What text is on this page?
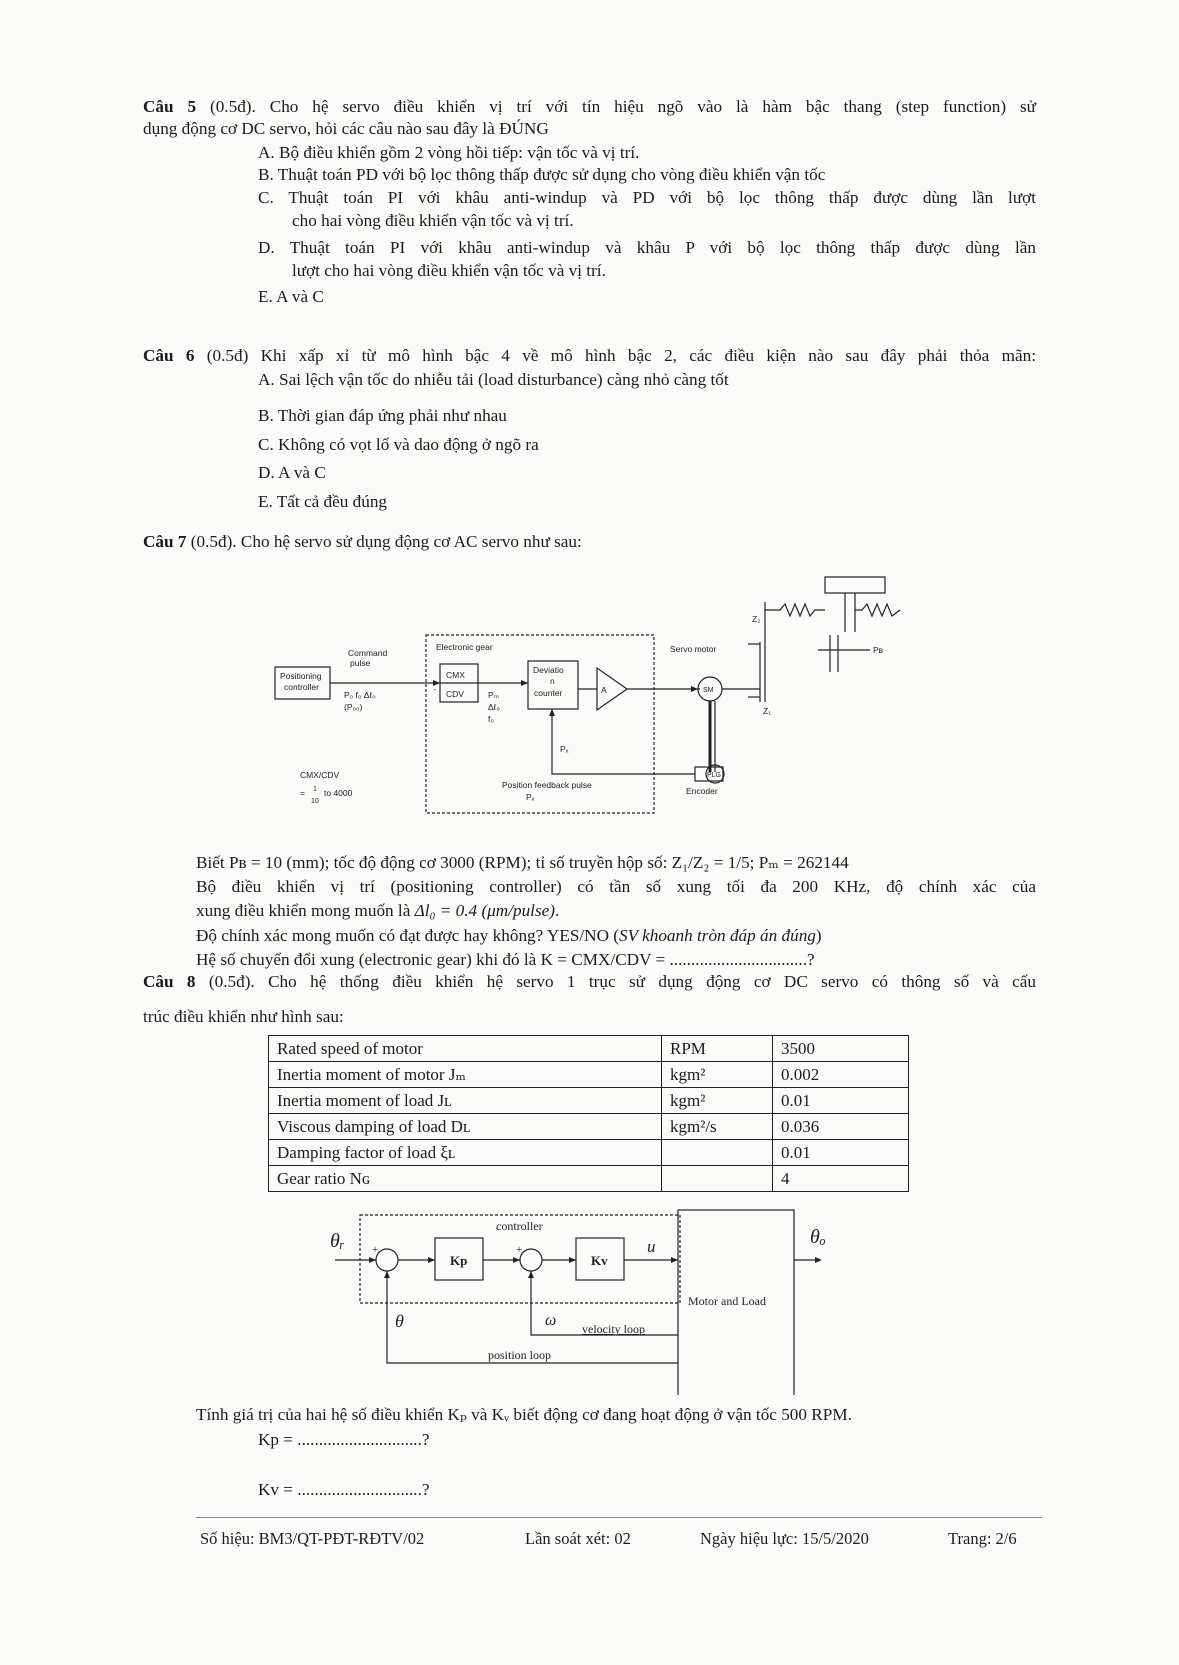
Câu 5 (0.5đ). Cho hệ servo điều khiển vị trí với tín hiệu ngõ vào là hàm bậc thang (step function) sử
dụng động cơ DC servo, hỏi các câu nào sau đây là ĐÚNG
A. Bộ điều khiển gồm 2 vòng hồi tiếp: vận tốc và vị trí.
B. Thuật toán PD với bộ lọc thông thấp được sử dụng cho vòng điều khiển vận tốc
C. Thuật toán PI với khâu anti-windup và PD với bộ lọc thông thấp được dùng lần lượt
cho hai vòng điều khiển vận tốc và vị trí.
D. Thuật toán PI với khâu anti-windup và khâu P với bộ lọc thông thấp được dùng lần
lượt cho hai vòng điều khiển vận tốc và vị trí.
E. A và C
Câu 6 (0.5đ) Khi xấp xỉ từ mô hình bậc 4 về mô hình bậc 2, các điều kiện nào sau đây phải thỏa mãn:
A. Sai lệch vận tốc do nhiễu tải (load disturbance) càng nhỏ càng tốt
B. Thời gian đáp ứng phải như nhau
C. Không có vọt lố và dao động ở ngõ ra
D. A và C
E. Tất cả đều đúng
Câu 7 (0.5đ). Cho hệ servo sử dụng động cơ AC servo như sau:
Positioning
controller
Command
pulse
P₀ f₀ Δℓ₀
(P₀₀)
Electronic gear
CMX
CDV	Pₘ
Δℓ₀
f₀
Deviatio
n
counter	A
Servo motor
SM
PLG
Encoder
Pₓ
Position feedback pulse
Pₓ
CMX/CDV
= 1
10
to 4000
Z₁
Z₂
Pʙ
Biết Pʙ = 10 (mm); tốc độ động cơ 3000 (RPM); tỉ số truyền hộp số: Z₁/Z₂ = 1/5; Pₘ = 262144
Bộ điều khiển vị trí (positioning controller) có tần số xung tối đa 200 KHz, độ chính xác của
xung điều khiển mong muốn là Δl₀ = 0.4 (μm/pulse).
Độ chính xác mong muốn có đạt được hay không? YES/NO (SV khoanh tròn đáp án đúng)
Hệ số chuyển đổi xung (electronic gear) khi đó là K = CMX/CDV = ................................?
Câu 8 (0.5đ). Cho hệ thống điều khiển hệ servo 1 trục sử dụng động cơ DC servo có thông số và cấu
trúc điều khiển như hình sau:
Rated speed of motor	RPM	3500
Inertia moment of motor Jₘ	kgm²	0.002
Inertia moment of load Jʟ	kgm²	0.01
Viscous damping of load Dʟ	kgm²/s	0.036
Damping factor of load ξʟ		0.01
Gear ratio Nɢ		4
θᵣ
controller
Kp	Kv
u
Motor and Load
θₒ
θ	ω velocity loop
position loop
+	+
Tính giá trị của hai hệ số điều khiển Kₚ và Kᵥ biết động cơ đang hoạt động ở vận tốc 500 RPM.
Kp = .............................?
Kv = .............................?
Số hiệu: BM3/QT-PĐT-RĐTV/02	Lần soát xét: 02	Ngày hiệu lực: 15/5/2020	Trang: 2/6
